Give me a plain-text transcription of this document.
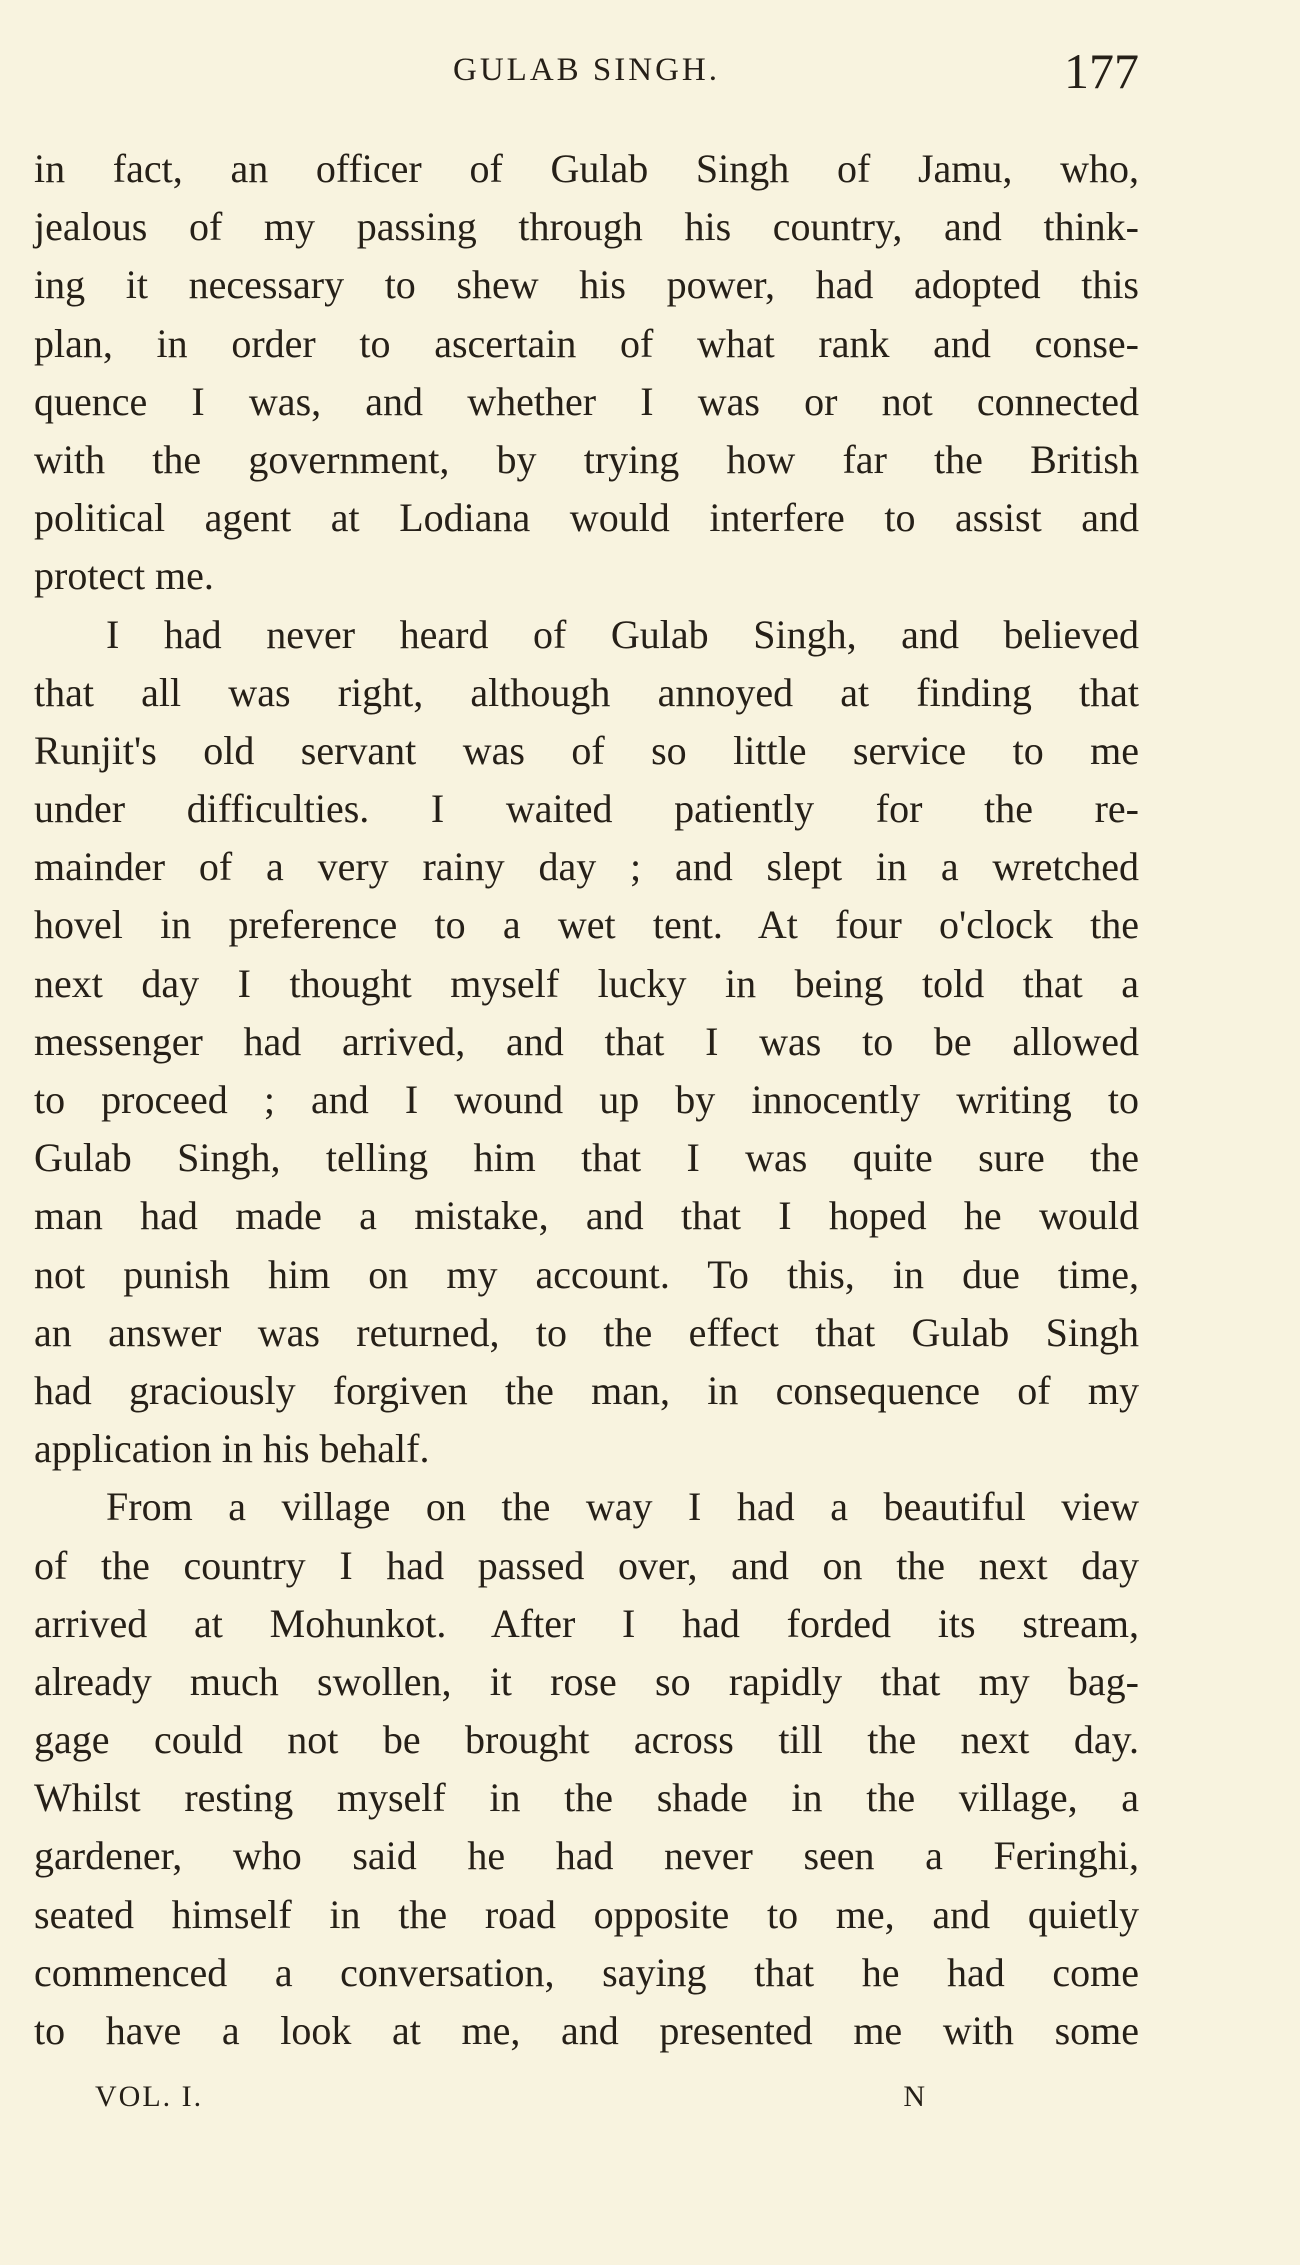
GULAB SINGH.	177
in fact, an officer of Gulab Singh of Jamu, who,
jealous of my passing through his country, and think-
ing it necessary to shew his power, had adopted this
plan, in order to ascertain of what rank and conse-
quence I was, and whether I was or not connected
with the government, by trying how far the British
political agent at Lodiana would interfere to assist and
protect me.
I had never heard of Gulab Singh, and believed
that all was right, although annoyed at finding that
Runjit's old servant was of so little service to me
under difficulties. I waited patiently for the re-
mainder of a very rainy day ; and slept in a wretched
hovel in preference to a wet tent. At four o'clock the
next day I thought myself lucky in being told that a
messenger had arrived, and that I was to be allowed
to proceed ; and I wound up by innocently writing to
Gulab Singh, telling him that I was quite sure the
man had made a mistake, and that I hoped he would
not punish him on my account. To this, in due time,
an answer was returned, to the effect that Gulab Singh
had graciously forgiven the man, in consequence of my
application in his behalf.
From a village on the way I had a beautiful view
of the country I had passed over, and on the next day
arrived at Mohunkot. After I had forded its stream,
already much swollen, it rose so rapidly that my bag-
gage could not be brought across till the next day.
Whilst resting myself in the shade in the village, a
gardener, who said he had never seen a Feringhi,
seated himself in the road opposite to me, and quietly
commenced a conversation, saying that he had come
to have a look at me, and presented me with some
VOL. I.	N
